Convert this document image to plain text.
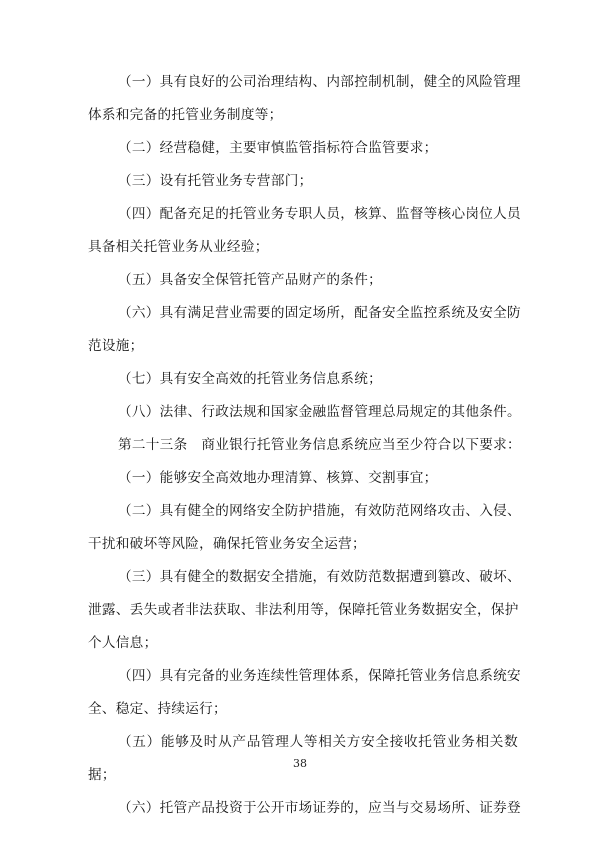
（一）具有良好的公司治理结构、内部控制机制，健全的风险管理
体系和完备的托管业务制度等；
（二）经营稳健，主要审慎监管指标符合监管要求；
（三）设有托管业务专营部门；
（四）配备充足的托管业务专职人员，核算、监督等核心岗位人员
具备相关托管业务从业经验；
（五）具备安全保管托管产品财产的条件；
（六）具有满足营业需要的固定场所，配备安全监控系统及安全防
范设施；
（七）具有安全高效的托管业务信息系统；
（八）法律、行政法规和国家金融监督管理总局规定的其他条件。
第二十三条　商业银行托管业务信息系统应当至少符合以下要求：
（一）能够安全高效地办理清算、核算、交割事宜；
（二）具有健全的网络安全防护措施，有效防范网络攻击、入侵、
干扰和破坏等风险，确保托管业务安全运营；
（三）具有健全的数据安全措施，有效防范数据遭到篡改、破坏、
泄露、丢失或者非法获取、非法利用等，保障托管业务数据安全，保护
个人信息；
（四）具有完备的业务连续性管理体系，保障托管业务信息系统安
全、稳定、持续运行；
（五）能够及时从产品管理人等相关方安全接收托管业务相关数
据；
（六）托管产品投资于公开市场证券的，应当与交易场所、证券登
38
